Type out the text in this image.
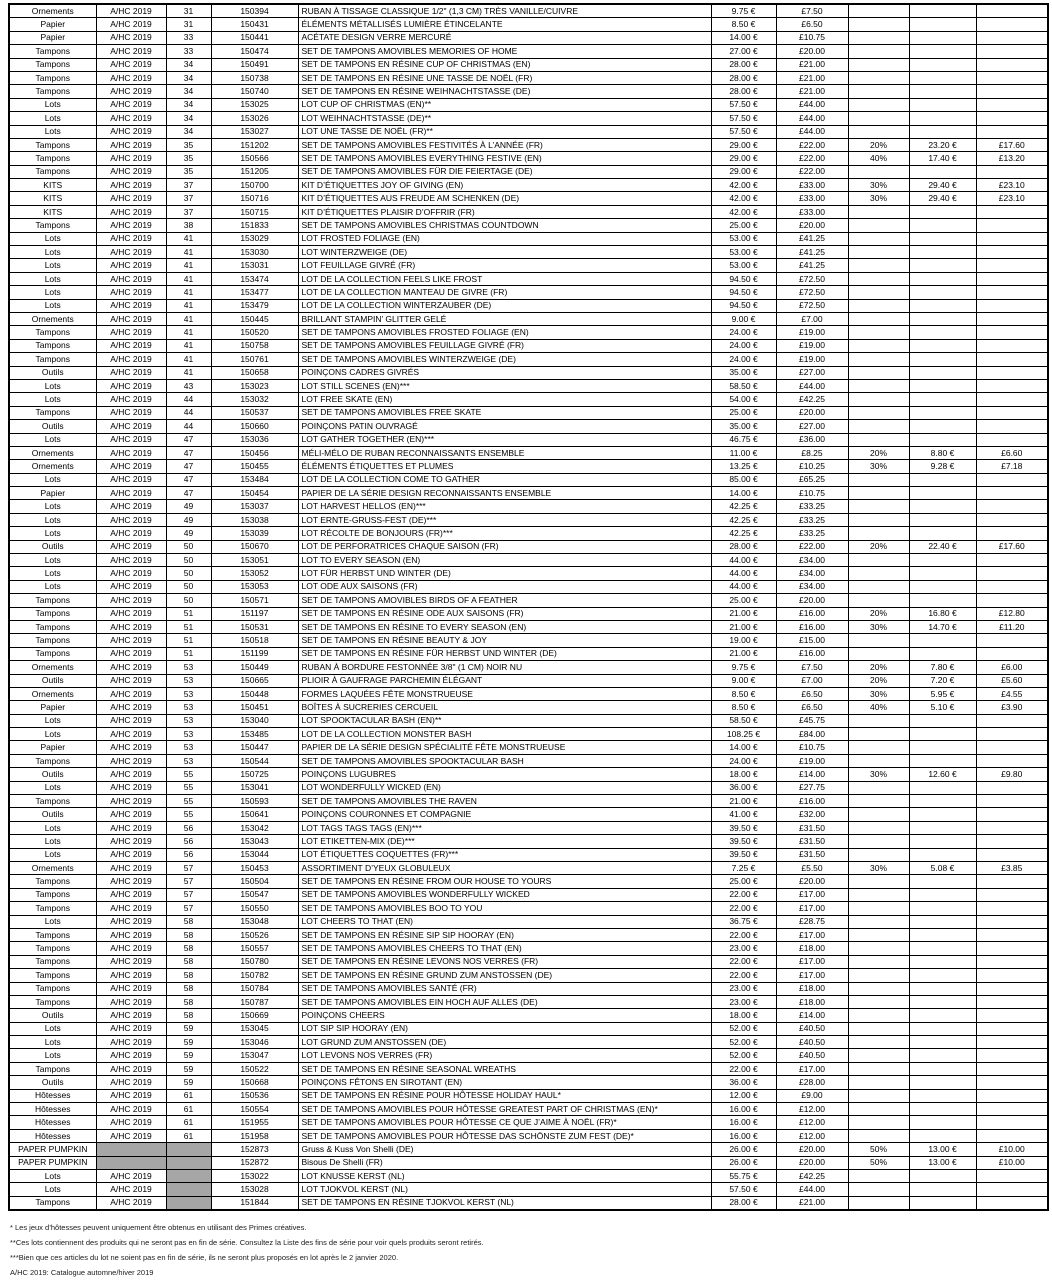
Ornements	A/HC 2019	31	150394	RUBAN À TISSAGE CLASSIQUE 1/2" (1,3 CM) TRÈS VANILLE/CUIVRE	9.75 €	£7.50			
Papier	A/HC 2019	31	150431	ÉLÉMENTS MÉTALLISÉS LUMIÈRE ÉTINCELANTE	8.50 €	£6.50			
Papier	A/HC 2019	33	150441	ACÉTATE DESIGN VERRE MERCURÉ	14.00 €	£10.75			
Tampons	A/HC 2019	33	150474	SET DE TAMPONS AMOVIBLES MEMORIES OF HOME	27.00 €	£20.00			
Tampons	A/HC 2019	34	150491	SET DE TAMPONS EN RÉSINE CUP OF CHRISTMAS (EN)	28.00 €	£21.00			
Tampons	A/HC 2019	34	150738	SET DE TAMPONS EN RÉSINE UNE TASSE DE NOËL (FR)	28.00 €	£21.00			
Tampons	A/HC 2019	34	150740	SET DE TAMPONS EN RÉSINE WEIHNACHTSTASSE (DE)	28.00 €	£21.00			
Lots	A/HC 2019	34	153025	LOT CUP OF CHRISTMAS (EN)**	57.50 €	£44.00			
Lots	A/HC 2019	34	153026	LOT WEIHNACHTSTASSE (DE)**	57.50 €	£44.00			
Lots	A/HC 2019	34	153027	LOT UNE TASSE DE NOËL (FR)**	57.50 €	£44.00			
Tampons	A/HC 2019	35	151202	SET DE TAMPONS AMOVIBLES FESTIVITÉS À L’ANNÉE (FR)	29.00 €	£22.00	20%	23.20 €	£17.60
Tampons	A/HC 2019	35	150566	SET DE TAMPONS AMOVIBLES EVERYTHING FESTIVE (EN)	29.00 €	£22.00	40%	17.40 €	£13.20
Tampons	A/HC 2019	35	151205	SET DE TAMPONS AMOVIBLES FÜR DIE FEIERTAGE (DE)	29.00 €	£22.00			
KITS	A/HC 2019	37	150700	KIT D’ÉTIQUETTES JOY OF GIVING (EN)	42.00 €	£33.00	30%	29.40 €	£23.10
KITS	A/HC 2019	37	150716	KIT D’ÉTIQUETTES AUS FREUDE AM SCHENKEN (DE)	42.00 €	£33.00	30%	29.40 €	£23.10
KITS	A/HC 2019	37	150715	KIT D’ÉTIQUETTES PLAISIR D’OFFRIR (FR)	42.00 €	£33.00			
Tampons	A/HC 2019	38	151833	SET DE TAMPONS AMOVIBLES CHRISTMAS COUNTDOWN	25.00 €	£20.00			
Lots	A/HC 2019	41	153029	LOT FROSTED FOLIAGE (EN)	53.00 €	£41.25			
Lots	A/HC 2019	41	153030	LOT WINTERZWEIGE (DE)	53.00 €	£41.25			
Lots	A/HC 2019	41	153031	LOT FEUILLAGE GIVRÉ (FR)	53.00 €	£41.25			
Lots	A/HC 2019	41	153474	LOT DE LA COLLECTION FEELS LIKE FROST	94.50 €	£72.50			
Lots	A/HC 2019	41	153477	LOT DE LA COLLECTION MANTEAU DE GIVRE (FR)	94.50 €	£72.50			
Lots	A/HC 2019	41	153479	LOT DE LA COLLECTION WINTERZAUBER (DE)	94.50 €	£72.50			
Ornements	A/HC 2019	41	150445	BRILLANT STAMPIN’ GLITTER GELÉ	9.00 €	£7.00			
Tampons	A/HC 2019	41	150520	SET DE TAMPONS AMOVIBLES FROSTED FOLIAGE (EN)	24.00 €	£19.00			
Tampons	A/HC 2019	41	150758	SET DE TAMPONS AMOVIBLES FEUILLAGE GIVRÉ (FR)	24.00 €	£19.00			
Tampons	A/HC 2019	41	150761	SET DE TAMPONS AMOVIBLES WINTERZWEIGE (DE)	24.00 €	£19.00			
Outils	A/HC 2019	41	150658	POINÇONS CADRES GIVRÉS	35.00 €	£27.00			
Lots	A/HC 2019	43	153023	LOT STILL SCENES (EN)***	58.50 €	£44.00			
Lots	A/HC 2019	44	153032	LOT FREE SKATE (EN)	54.00 €	£42.25			
Tampons	A/HC 2019	44	150537	SET DE TAMPONS AMOVIBLES FREE SKATE	25.00 €	£20.00			
Outils	A/HC 2019	44	150660	POINÇONS PATIN OUVRAGÉ	35.00 €	£27.00			
Lots	A/HC 2019	47	153036	LOT GATHER TOGETHER (EN)***	46.75 €	£36.00			
Ornements	A/HC 2019	47	150456	MÉLI-MÉLO DE RUBAN RECONNAISSANTS ENSEMBLE	11.00 €	£8.25	20%	8.80 €	£6.60
Ornements	A/HC 2019	47	150455	ÉLÉMENTS ÉTIQUETTES ET PLUMES	13.25 €	£10.25	30%	9.28 €	£7.18
Lots	A/HC 2019	47	153484	LOT DE LA COLLECTION COME TO GATHER	85.00 €	£65.25			
Papier	A/HC 2019	47	150454	PAPIER DE LA SÉRIE DESIGN RECONNAISSANTS ENSEMBLE	14.00 €	£10.75			
Lots	A/HC 2019	49	153037	LOT HARVEST HELLOS (EN)***	42.25 €	£33.25			
Lots	A/HC 2019	49	153038	LOT ERNTE-GRUSS-FEST (DE)***	42.25 €	£33.25			
Lots	A/HC 2019	49	153039	LOT RÉCOLTE DE BONJOURS (FR)***	42.25 €	£33.25			
Outils	A/HC 2019	50	150670	LOT DE PERFORATRICES CHAQUE SAISON (FR)	28.00 €	£22.00	20%	22.40 €	£17.60
Lots	A/HC 2019	50	153051	LOT TO EVERY SEASON (EN)	44.00 €	£34.00			
Lots	A/HC 2019	50	153052	LOT FÜR HERBST UND WINTER (DE)	44.00 €	£34.00			
Lots	A/HC 2019	50	153053	LOT ODE AUX SAISONS (FR)	44.00 €	£34.00			
Tampons	A/HC 2019	50	150571	SET DE TAMPONS AMOVIBLES BIRDS OF A FEATHER	25.00 €	£20.00			
Tampons	A/HC 2019	51	151197	SET DE TAMPONS EN RÉSINE ODE AUX SAISONS (FR)	21.00 €	£16.00	20%	16.80 €	£12.80
Tampons	A/HC 2019	51	150531	SET DE TAMPONS EN RÉSINE TO EVERY SEASON (EN)	21.00 €	£16.00	30%	14.70 €	£11.20
Tampons	A/HC 2019	51	150518	SET DE TAMPONS EN RÉSINE BEAUTY & JOY	19.00 €	£15.00			
Tampons	A/HC 2019	51	151199	SET DE TAMPONS EN RÉSINE FÜR HERBST UND WINTER (DE)	21.00 €	£16.00			
Ornements	A/HC 2019	53	150449	RUBAN À BORDURE FESTONNÉE 3/8" (1 CM) NOIR NU	9.75 €	£7.50	20%	7.80 €	£6.00
Outils	A/HC 2019	53	150665	PLIOIR À GAUFRAGE PARCHEMIN ÉLÉGANT	9.00 €	£7.00	20%	7.20 €	£5.60
Ornements	A/HC 2019	53	150448	FORMES LAQUÉES FÊTE MONSTRUEUSE	8.50 €	£6.50	30%	5.95 €	£4.55
Papier	A/HC 2019	53	150451	BOÎTES À SUCRERIES CERCUEIL	8.50 €	£6.50	40%	5.10 €	£3.90
Lots	A/HC 2019	53	153040	LOT SPOOKTACULAR BASH (EN)**	58.50 €	£45.75			
Lots	A/HC 2019	53	153485	LOT DE LA COLLECTION MONSTER BASH	108.25 €	£84.00			
Papier	A/HC 2019	53	150447	PAPIER DE LA SÉRIE DESIGN SPÉCIALITÉ FÊTE MONSTRUEUSE	14.00 €	£10.75			
Tampons	A/HC 2019	53	150544	SET DE TAMPONS AMOVIBLES SPOOKTACULAR BASH	24.00 €	£19.00			
Outils	A/HC 2019	55	150725	POINÇONS LUGUBRES	18.00 €	£14.00	30%	12.60 €	£9.80
Lots	A/HC 2019	55	153041	LOT WONDERFULLY WICKED (EN)	36.00 €	£27.75			
Tampons	A/HC 2019	55	150593	SET DE TAMPONS AMOVIBLES THE RAVEN	21.00 €	£16.00			
Outils	A/HC 2019	55	150641	POINÇONS COURONNES ET COMPAGNIE	41.00 €	£32.00			
Lots	A/HC 2019	56	153042	LOT TAGS TAGS TAGS (EN)***	39.50 €	£31.50			
Lots	A/HC 2019	56	153043	LOT ETIKETTEN-MIX (DE)***	39.50 €	£31.50			
Lots	A/HC 2019	56	153044	LOT ÉTIQUETTES COQUETTES (FR)***	39.50 €	£31.50			
Ornements	A/HC 2019	57	150453	ASSORTIMENT D’YEUX GLOBULEUX	7.25 €	£5.50	30%	5.08 €	£3.85
Tampons	A/HC 2019	57	150504	SET DE TAMPONS EN RÉSINE FROM OUR HOUSE TO YOURS	25.00 €	£20.00			
Tampons	A/HC 2019	57	150547	SET DE TAMPONS AMOVIBLES WONDERFULLY WICKED	22.00 €	£17.00			
Tampons	A/HC 2019	57	150550	SET DE TAMPONS AMOVIBLES BOO TO YOU	22.00 €	£17.00			
Lots	A/HC 2019	58	153048	LOT CHEERS TO THAT (EN)	36.75 €	£28.75			
Tampons	A/HC 2019	58	150526	SET DE TAMPONS EN RÉSINE SIP SIP HOORAY (EN)	22.00 €	£17.00			
Tampons	A/HC 2019	58	150557	SET DE TAMPONS AMOVIBLES CHEERS TO THAT (EN)	23.00 €	£18.00			
Tampons	A/HC 2019	58	150780	SET DE TAMPONS EN RÉSINE LEVONS NOS VERRES (FR)	22.00 €	£17.00			
Tampons	A/HC 2019	58	150782	SET DE TAMPONS EN RÉSINE GRUND ZUM ANSTOSSEN (DE)	22.00 €	£17.00			
Tampons	A/HC 2019	58	150784	SET DE TAMPONS AMOVIBLES SANTÉ (FR)	23.00 €	£18.00			
Tampons	A/HC 2019	58	150787	SET DE TAMPONS AMOVIBLES EIN HOCH AUF ALLES (DE)	23.00 €	£18.00			
Outils	A/HC 2019	58	150669	POINÇONS CHEERS	18.00 €	£14.00			
Lots	A/HC 2019	59	153045	LOT SIP SIP HOORAY (EN)	52.00 €	£40.50			
Lots	A/HC 2019	59	153046	LOT GRUND ZUM ANSTOSSEN (DE)	52.00 €	£40.50			
Lots	A/HC 2019	59	153047	LOT LEVONS NOS VERRES (FR)	52.00 €	£40.50			
Tampons	A/HC 2019	59	150522	SET DE TAMPONS EN RÉSINE SEASONAL WREATHS	22.00 €	£17.00			
Outils	A/HC 2019	59	150668	POINÇONS FÊTONS EN SIROTANT (EN)	36.00 €	£28.00			
Hôtesses	A/HC 2019	61	150536	SET DE TAMPONS EN RÉSINE POUR HÔTESSE HOLIDAY HAUL*	12.00 €	£9.00			
Hôtesses	A/HC 2019	61	150554	SET DE TAMPONS AMOVIBLES POUR HÔTESSE GREATEST PART OF CHRISTMAS (EN)*	16.00 €	£12.00			
Hôtesses	A/HC 2019	61	151955	SET DE TAMPONS AMOVIBLES POUR HÔTESSE CE QUE J’AIME À NOËL (FR)*	16.00 €	£12.00			
Hôtesses	A/HC 2019	61	151958	SET DE TAMPONS AMOVIBLES POUR HÔTESSE DAS SCHÖNSTE ZUM FEST (DE)*	16.00 €	£12.00			
PAPER PUMPKIN			152873	Gruss & Kuss Von Shelli (DE)	26.00 €	£20.00	50%	13.00 €	£10.00
PAPER PUMPKIN			152872	Bisous De Shelli (FR)	26.00 €	£20.00	50%	13.00 €	£10.00
Lots	A/HC 2019		153022	LOT KNUSSE KERST (NL)	55.75 €	£42.25			
Lots	A/HC 2019		153028	LOT TJOKVOL KERST (NL)	57.50 €	£44.00			
Tampons	A/HC 2019		151844	SET DE TAMPONS EN RÉSINE TJOKVOL KERST (NL)	28.00 €	£21.00			

* Les jeux d’hôtesses peuvent uniquement être obtenus en utilisant des Primes créatives.

**Ces lots contiennent des produits qui ne seront pas en fin de série. Consultez la Liste des fins de série pour voir quels produits seront retirés.

***Bien que ces articles du lot ne soient pas en fin de série, ils ne seront plus proposés en lot après le 2 janvier 2020.

A/HC 2019: Catalogue automne/hiver 2019
